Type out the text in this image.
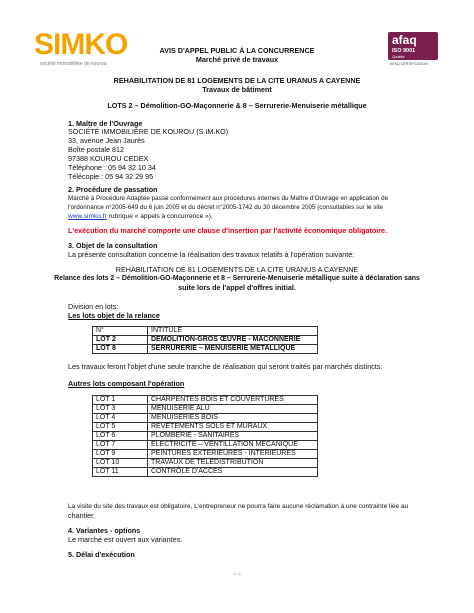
SIMKO
société immobilière de kourou
afaq
ISO 9001
Qualité
AFAQ CERTIFICATION
AVIS D'APPEL PUBLIC À LA CONCURRENCE
Marché privé de travaux
REHABILITATION DE 81 LOGEMENTS DE LA CITE URANUS A CAYENNE
Travaux de bâtiment
LOTS 2 – Démolition-GO-Maçonnerie & 8 – Serrurerie-Menuiserie métallique
1. Maître de l'Ouvrage
SOCIÉTÉ IMMOBILIÈRE DE KOUROU (S.IM.KO)
33, avenue Jean Jaurès
Boîte postale 812
97388 KOUROU CEDEX
Téléphone : 05 94 32 10 34
Télécopie : 05 94 32 29 95
2. Procédure de passation
Marché à Procédure Adaptée passé conformément aux procédures internes du Maître d'Ouvrage en application de
l'ordonnance n°2005-649 du 6 juin 2005 et du décret n°2005-1742 du 30 décembre 2005 (consultables sur le site
www.simko.fr rubrique « appels à concurrence »).
L'exécution du marché comporte une clause d'insertion par l'activité économique obligatoire.
3. Objet de la consultation
La présente consultation concerne la réalisation des travaux relatifs à l'opération suivante:
REHABILITATION DE 81 LOGEMENTS DE LA CITE URANUS A CAYENNE
Relance des lots 2 – Démolition-GO-Maçonnerie et 8 – Serrurerie-Menuiserie métallique suite à déclaration sans
suite lors de l'appel d'offres initial.
Division en lots:
Les lots objet de la relance
N°	INTITULE
LOT 2	DEMOLITION-GROS ŒUVRE - MACONNERIE
LOT 8	SERRURERIE – MENUISERIE METALLIQUE
Les travaux feront l'objet d'une seule tranche de réalisation qui seront traités par marchés distincts.
Autres lots composant l'opération
LOT 1	CHARPENTES BOIS ET COUVERTURES
LOT 3	MENUISERIE ALU
LOT 4	MENUISERIES BOIS
LOT 5	REVETEMENTS SOLS ET MURAUX
LOT 6	PLOMBERIE - SANITAIRES
LOT 7	ELECTRICITE – VENTILLATION MECANIQUE
LOT 9	PEINTURES EXTERIEURES - INTERIEURES
LOT 10	TRAVAUX DE TELEDISTRIBUTION
LOT 11	CONTRÔLE D'ACCES
La visite du site des travaux est obligatoire, L'entrepreneur ne pourra faire aucune réclamation à une contrainte liée au
chantier.
4. Variantes - options
Le marché est ouvert aux variantes.
5. Délai d'exécution
1 / 2
